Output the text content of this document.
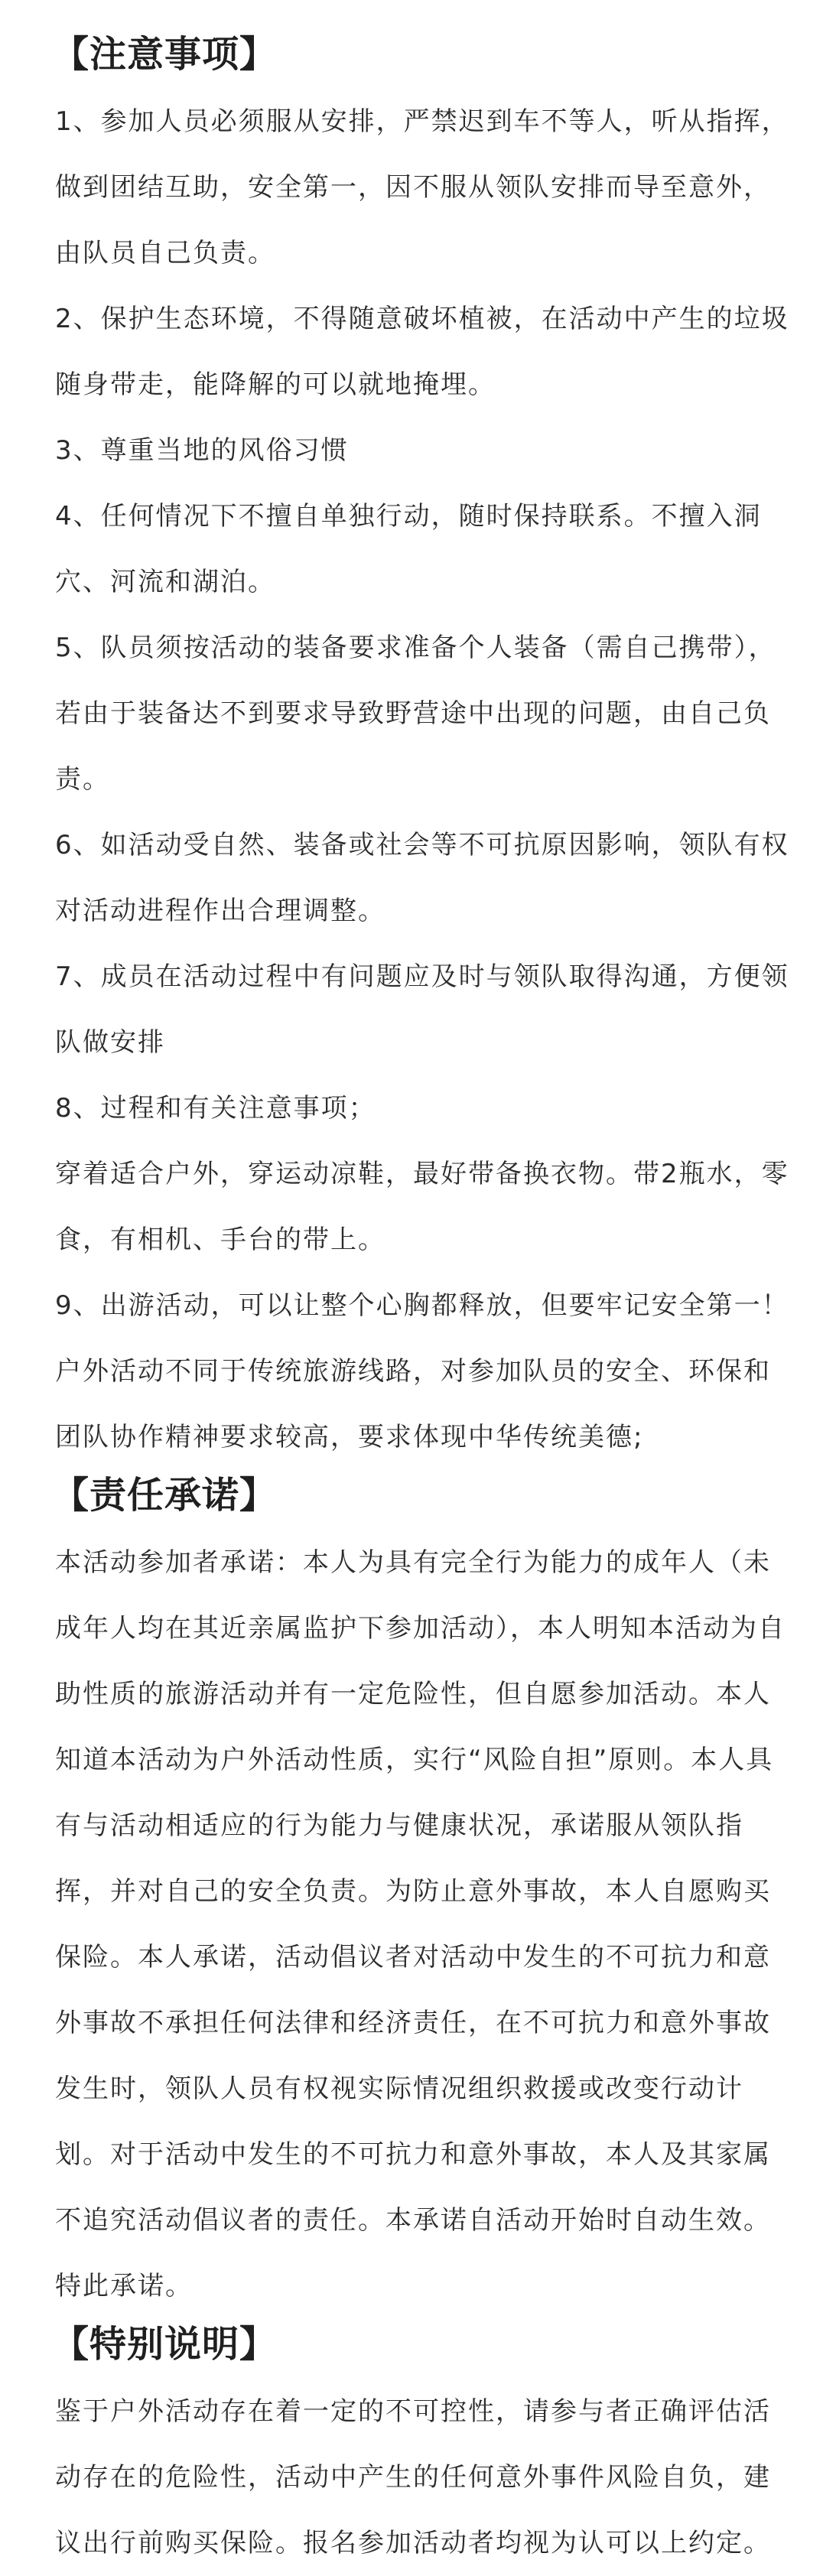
【注意事项】

1、参加人员必须服从安排，严禁迟到车不等人，听从指挥，做到团结互助，安全第一，因不服从领队安排而导至意外，由队员自己负责。

2、保护生态环境，不得随意破坏植被，在活动中产生的垃圾随身带走，能降解的可以就地掩埋。

3、尊重当地的风俗习惯

4、任何情况下不擅自单独行动，随时保持联系。不擅入洞穴、河流和湖泊。

5、队员须按活动的装备要求准备个人装备（需自己携带），若由于装备达不到要求导致野营途中出现的问题，由自己负责。

6、如活动受自然、装备或社会等不可抗原因影响，领队有权对活动进程作出合理调整。

7、成员在活动过程中有问题应及时与领队取得沟通，方便领队做安排

8、过程和有关注意事项；

穿着适合户外，穿运动凉鞋，最好带备换衣物。带2瓶水，零食，有相机、手台的带上。

9、出游活动，可以让整个心胸都释放，但要牢记安全第一！

户外活动不同于传统旅游线路，对参加队员的安全、环保和团队协作精神要求较高，要求体现中华传统美德;

【责任承诺】

本活动参加者承诺：本人为具有完全行为能力的成年人（未成年人均在其近亲属监护下参加活动），本人明知本活动为自助性质的旅游活动并有一定危险性，但自愿参加活动。本人知道本活动为户外活动性质，实行“风险自担”原则。本人具有与活动相适应的行为能力与健康状况，承诺服从领队指挥，并对自己的安全负责。为防止意外事故，本人自愿购买保险。本人承诺，活动倡议者对活动中发生的不可抗力和意外事故不承担任何法律和经济责任，在不可抗力和意外事故发生时，领队人员有权视实际情况组织救援或改变行动计划。对于活动中发生的不可抗力和意外事故，本人及其家属不追究活动倡议者的责任。本承诺自活动开始时自动生效。特此承诺。

【特别说明】

鉴于户外活动存在着一定的不可控性，请参与者正确评估活动存在的危险性，活动中产生的任何意外事件风险自负，建议出行前购买保险。报名参加活动者均视为认可以上约定。
